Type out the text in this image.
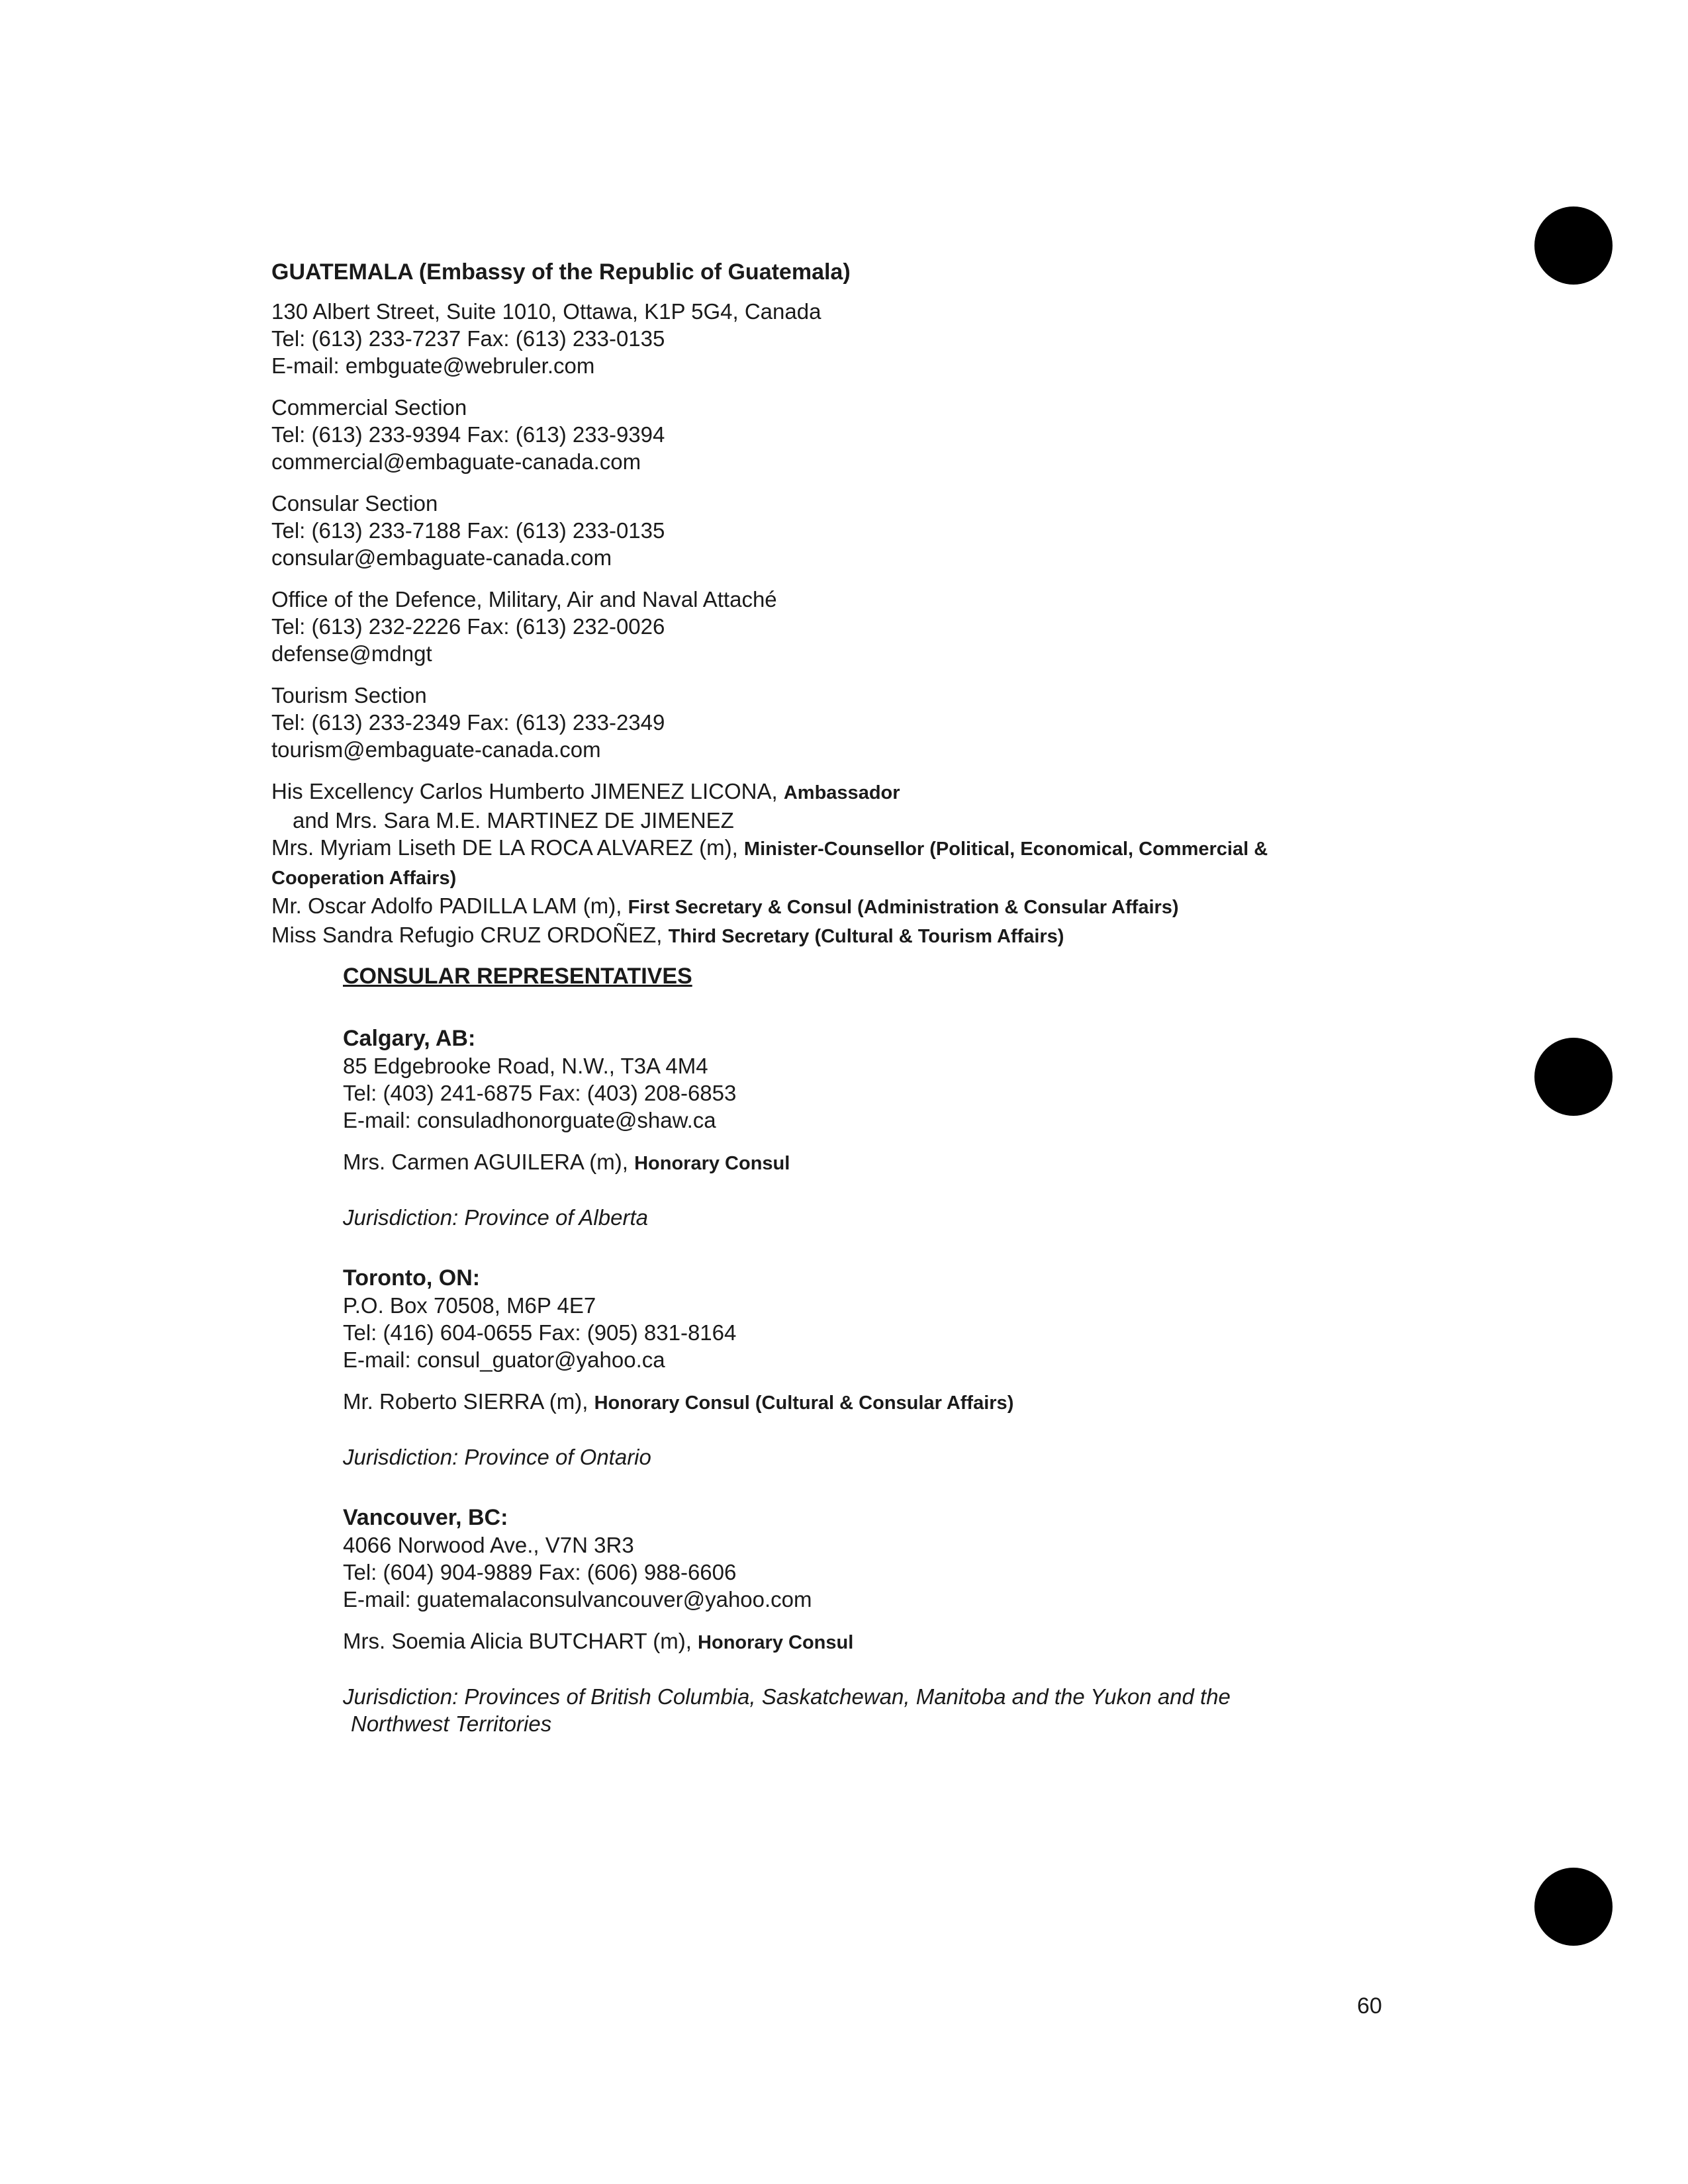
GUATEMALA (Embassy of the Republic of Guatemala)
130 Albert Street, Suite 1010, Ottawa, K1P 5G4, Canada
Tel: (613) 233-7237 Fax: (613) 233-0135
E-mail: embguate@webruler.com
Commercial Section
Tel: (613) 233-9394 Fax: (613) 233-9394
commercial@embaguate-canada.com
Consular Section
Tel: (613) 233-7188 Fax: (613) 233-0135
consular@embaguate-canada.com
Office of the Defence, Military, Air and Naval Attaché
Tel: (613) 232-2226 Fax: (613) 232-0026
defense@mdngt
Tourism Section
Tel: (613) 233-2349 Fax: (613) 233-2349
tourism@embaguate-canada.com
His Excellency Carlos Humberto JIMENEZ LICONA, Ambassador
and Mrs. Sara M.E. MARTINEZ DE JIMENEZ
Mrs. Myriam Liseth DE LA ROCA ALVAREZ (m), Minister-Counsellor (Political, Economical, Commercial & Cooperation Affairs)
Mr. Oscar Adolfo PADILLA LAM (m), First Secretary & Consul (Administration & Consular Affairs)
Miss Sandra Refugio CRUZ ORDOÑEZ, Third Secretary (Cultural & Tourism Affairs)
CONSULAR REPRESENTATIVES
Calgary, AB:
85 Edgebrooke Road, N.W., T3A 4M4
Tel: (403) 241-6875 Fax: (403) 208-6853
E-mail: consuladhonorguate@shaw.ca
Mrs. Carmen AGUILERA (m), Honorary Consul
Jurisdiction: Province of Alberta
Toronto, ON:
P.O. Box 70508, M6P 4E7
Tel: (416) 604-0655 Fax: (905) 831-8164
E-mail: consul_guator@yahoo.ca
Mr. Roberto SIERRA (m), Honorary Consul (Cultural & Consular Affairs)
Jurisdiction: Province of Ontario
Vancouver, BC:
4066 Norwood Ave., V7N 3R3
Tel: (604) 904-9889 Fax: (606) 988-6606
E-mail: guatemalaconsulvancouver@yahoo.com
Mrs. Soemia Alicia BUTCHART (m), Honorary Consul
Jurisdiction: Provinces of British Columbia, Saskatchewan, Manitoba and the Yukon and the
Northwest Territories
60
